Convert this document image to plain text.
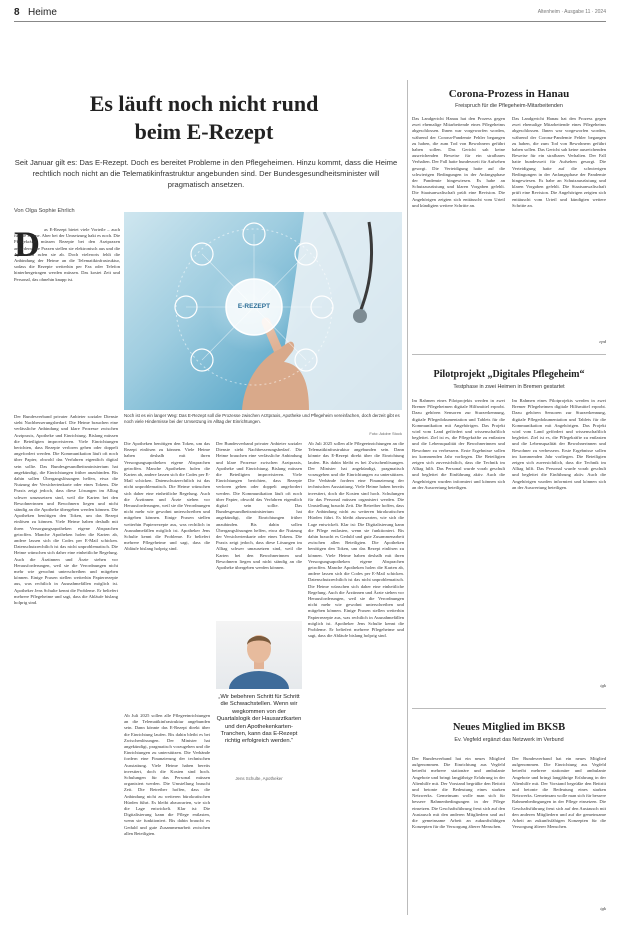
8 Heime	Altenheim · Ausgabe 11 · 2024
Es läuft noch nicht rund
beim E-Rezept
Seit Januar gilt es: Das E-Rezept. Doch es bereitet Probleme in den Pflegeheimen. Hinzu kommt, dass die Heime rechtlich noch nicht an die Telematikinfrastruktur angebunden sind. Der Bundesgesundheitsminister will pragmatisch ansetzen.
Von Olga Sophie Ehrlich
D as E-Rezept bietet viele Vorteile – auch für die Heime. Aber bei der Umsetzung hakt es noch. Die Pflegekräfte müssen Rezepte bei den Arztpraxen anfordern, die Praxen stellen sie elektronisch aus und die Apotheken rufen sie ab. Doch vielerorts fehlt die Anbindung der Heime an die Telematikinfrastruktur, sodass die Rezepte weiterhin per Fax oder Telefon hinterhergetragen werden müssen. Das kostet Zeit und Personal, das ohnehin knapp ist.
E-REZEPT
Noch ist es ein langer Weg: Das E-Rezept soll die Prozesse zwischen Arztpraxis, Apotheke und Pflegeheim vereinfachen, doch derzeit gibt es noch viele Hindernisse bei der Umsetzung im Alltag der Einrichtungen.
Foto: Adobe Stock
Der Bundesverband privater Anbieter sozialer Dienste sieht Nachbesserungsbedarf. Die Heime brauchen eine verlässliche Anbindung und klare Prozesse zwischen Arztpraxis, Apotheke und Einrichtung. Bislang müssen die Beteiligten improvisieren. Viele Einrichtungen berichten, dass Rezepte verloren gehen oder doppelt angefordert werden. Die Kommunikation läuft oft noch über Papier, obwohl das Verfahren eigentlich digital sein sollte. Das Bundesgesundheitsministerium hat angekündigt, die Einrichtungen früher anzubinden. Bis dahin sollen Übergangslösungen helfen, etwa die Nutzung der Versichertenkarte oder eines Tokens. Die Praxis zeigt jedoch, dass diese Lösungen im Alltag schwer umzusetzen sind, weil die Karten bei den Bewohnerinnen und Bewohnern liegen und nicht ständig an die Apotheke übergeben werden können. Die Apotheken benötigen den Token, um das Rezept einlösen zu können. Viele Heime haben deshalb mit ihren Versorgungsapotheken eigene Absprachen getroffen. Manche Apotheken holen die Karten ab, andere lassen sich die Codes per E-Mail schicken. Datenschutzrechtlich ist das nicht unproblematisch. Die Heime wünschen sich daher eine einheitliche Regelung. Auch die Ärztinnen und Ärzte stehen vor Herausforderungen, weil sie die Verordnungen nicht mehr wie gewohnt unterschreiben und mitgeben können. Einige Praxen stellen weiterhin Papierrezepte aus, was rechtlich in Ausnahmefällen möglich ist. Apotheker Jens Schulte kennt die Probleme. Er beliefert mehrere Pflegeheime und sagt, dass die Abläufe bislang holprig sind.
Die Apotheken benötigen den Token, um das Rezept einlösen zu können. Viele Heime haben deshalb mit ihren Versorgungsapotheken eigene Absprachen getroffen. Manche Apotheken holen die Karten ab, andere lassen sich die Codes per E-Mail schicken. Datenschutzrechtlich ist das nicht unproblematisch. Die Heime wünschen sich daher eine einheitliche Regelung. Auch die Ärztinnen und Ärzte stehen vor Herausforderungen, weil sie die Verordnungen nicht mehr wie gewohnt unterschreiben und mitgeben können. Einige Praxen stellen weiterhin Papierrezepte aus, was rechtlich in Ausnahmefällen möglich ist. Apotheker Jens Schulte kennt die Probleme. Er beliefert mehrere Pflegeheime und sagt, dass die Abläufe bislang holprig sind.
Ab Juli 2025 sollen alle Pflegeeinrichtungen an die Telematikinfrastruktur angebunden sein. Dann könnte das E-Rezept direkt über die Einrichtung laufen. Bis dahin bleibt es bei Zwischenlösungen. Der Minister hat angekündigt, pragmatisch vorzugehen und die Einrichtungen zu unterstützen. Die Verbände fordern eine Finanzierung der technischen Ausstattung. Viele Heime haben bereits investiert, doch die Kosten sind hoch. Schulungen für das Personal müssen organisiert werden. Die Umstellung braucht Zeit. Die Betreiber hoffen, dass die Anbindung nicht zu weiteren bürokratischen Hürden führt. Es bleibt abzuwarten, wie sich die Lage entwickelt. Klar ist: Die Digitalisierung kann die Pflege entlasten, wenn sie funktioniert. Bis dahin braucht es Geduld und gute Zusammenarbeit zwischen allen Beteiligten.
Der Bundesverband privater Anbieter sozialer Dienste sieht Nachbesserungsbedarf. Die Heime brauchen eine verlässliche Anbindung und klare Prozesse zwischen Arztpraxis, Apotheke und Einrichtung. Bislang müssen die Beteiligten improvisieren. Viele Einrichtungen berichten, dass Rezepte verloren gehen oder doppelt angefordert werden. Die Kommunikation läuft oft noch über Papier, obwohl das Verfahren eigentlich digital sein sollte. Das Bundesgesundheitsministerium hat angekündigt, die Einrichtungen früher anzubinden. Bis dahin sollen Übergangslösungen helfen, etwa die Nutzung der Versichertenkarte oder eines Tokens. Die Praxis zeigt jedoch, dass diese Lösungen im Alltag schwer umzusetzen sind, weil die Karten bei den Bewohnerinnen und Bewohnern liegen und nicht ständig an die Apotheke übergeben werden können.
„Wir bebehren Schritt für Schritt die Schwachstellen. Wenn wir wegkommen von der Quartalslogik der Hausarztkarten und den Apothekenkarten-Tranchen, kann das E-Rezept richtig erfolgreich werden.“
Jens Schulte, Apotheker
Ab Juli 2025 sollen alle Pflegeeinrichtungen an die Telematikinfrastruktur angebunden sein. Dann könnte das E-Rezept direkt über die Einrichtung laufen. Bis dahin bleibt es bei Zwischenlösungen. Der Minister hat angekündigt, pragmatisch vorzugehen und die Einrichtungen zu unterstützen. Die Verbände fordern eine Finanzierung der technischen Ausstattung. Viele Heime haben bereits investiert, doch die Kosten sind hoch. Schulungen für das Personal müssen organisiert werden. Die Umstellung braucht Zeit. Die Betreiber hoffen, dass die Anbindung nicht zu weiteren bürokratischen Hürden führt. Es bleibt abzuwarten, wie sich die Lage entwickelt. Klar ist: Die Digitalisierung kann die Pflege entlasten, wenn sie funktioniert. Bis dahin braucht es Geduld und gute Zusammenarbeit zwischen allen Beteiligten. Die Apotheken benötigen den Token, um das Rezept einlösen zu können. Viele Heime haben deshalb mit ihren Versorgungsapotheken eigene Absprachen getroffen. Manche Apotheken holen die Karten ab, andere lassen sich die Codes per E-Mail schicken. Datenschutzrechtlich ist das nicht unproblematisch. Die Heime wünschen sich daher eine einheitliche Regelung. Auch die Ärztinnen und Ärzte stehen vor Herausforderungen, weil sie die Verordnungen nicht mehr wie gewohnt unterschreiben und mitgeben können. Einige Praxen stellen weiterhin Papierrezepte aus, was rechtlich in Ausnahmefällen möglich ist. Apotheker Jens Schulte kennt die Probleme. Er beliefert mehrere Pflegeheime und sagt, dass die Abläufe bislang holprig sind.
Corona-Prozess in Hanau
Freispruch für die Pflegeheim-Mitarbeitenden
Das Landgericht Hanau hat den Prozess gegen zwei ehemalige Mitarbeitende eines Pflegeheims abgeschlossen. Ihnen war vorgeworfen worden, während der Corona-Pandemie Fehler begangen zu haben, die zum Tod von Bewohnern geführt haben sollen. Das Gericht sah keine ausreichenden Beweise für ein strafbares Verhalten. Der Fall hatte bundesweit für Aufsehen gesorgt. Die Verteidigung hatte auf die schwierigen Bedingungen in der Anfangsphase der Pandemie hingewiesen. Es habe an Schutzausrüstung und klaren Vorgaben gefehlt. Die Staatsanwaltschaft prüft eine Revision. Die Angehörigen zeigten sich enttäuscht vom Urteil und kündigten weitere Schritte an.
Das Landgericht Hanau hat den Prozess gegen zwei ehemalige Mitarbeitende eines Pflegeheims abgeschlossen. Ihnen war vorgeworfen worden, während der Corona-Pandemie Fehler begangen zu haben, die zum Tod von Bewohnern geführt haben sollen. Das Gericht sah keine ausreichenden Beweise für ein strafbares Verhalten. Der Fall hatte bundesweit für Aufsehen gesorgt. Die Verteidigung hatte auf die schwierigen Bedingungen in der Anfangsphase der Pandemie hingewiesen. Es habe an Schutzausrüstung und klaren Vorgaben gefehlt. Die Staatsanwaltschaft prüft eine Revision. Die Angehörigen zeigten sich enttäuscht vom Urteil und kündigten weitere Schritte an.
epd
Pilotprojekt „Digitales Pflegeheim“
Testphase in zwei Heimen in Bremen gestartet
Im Rahmen eines Pilotprojekts werden in zwei Bremer Pflegeheimen digitale Hilfsmittel erprobt. Dazu gehören Sensoren zur Sturzerkennung, digitale Pflegedokumentation und Tablets für die Kommunikation mit Angehörigen. Das Projekt wird vom Land gefördert und wissenschaftlich begleitet. Ziel ist es, die Pflegekräfte zu entlasten und die Lebensqualität der Bewohnerinnen und Bewohner zu verbessern. Erste Ergebnisse sollen im kommenden Jahr vorliegen. Die Beteiligten zeigen sich zuversichtlich, dass die Technik im Alltag hilft. Das Personal wurde vorab geschult und begleitet die Einführung aktiv. Auch die Angehörigen wurden informiert und können sich an der Auswertung beteiligen.
Im Rahmen eines Pilotprojekts werden in zwei Bremer Pflegeheimen digitale Hilfsmittel erprobt. Dazu gehören Sensoren zur Sturzerkennung, digitale Pflegedokumentation und Tablets für die Kommunikation mit Angehörigen. Das Projekt wird vom Land gefördert und wissenschaftlich begleitet. Ziel ist es, die Pflegekräfte zu entlasten und die Lebensqualität der Bewohnerinnen und Bewohner zu verbessern. Erste Ergebnisse sollen im kommenden Jahr vorliegen. Die Beteiligten zeigen sich zuversichtlich, dass die Technik im Alltag hilft. Das Personal wurde vorab geschult und begleitet die Einführung aktiv. Auch die Angehörigen wurden informiert und können sich an der Auswertung beteiligen.
tgk
Neues Mitglied im BKSB
Ev. Vegfeld ergänzt das Netzwerk im Verbund
Der Bundesverband hat ein neues Mitglied aufgenommen. Die Einrichtung aus Vegfeld betreibt mehrere stationäre und ambulante Angebote und bringt langjährige Erfahrung in der Altenhilfe mit. Der Vorstand begrüßte den Beitritt und betonte die Bedeutung eines starken Netzwerks. Gemeinsam wolle man sich für bessere Rahmenbedingungen in der Pflege einsetzen. Die Geschaftsführung freut sich auf den Austausch mit den anderen Mitgliedern und auf die gemeinsame Arbeit an zukunftsfähigen Konzepten für die Versorgung älterer Menschen.
Der Bundesverband hat ein neues Mitglied aufgenommen. Die Einrichtung aus Vegfeld betreibt mehrere stationäre und ambulante Angebote und bringt langjährige Erfahrung in der Altenhilfe mit. Der Vorstand begrüßte den Beitritt und betonte die Bedeutung eines starken Netzwerks. Gemeinsam wolle man sich für bessere Rahmenbedingungen in der Pflege einsetzen. Die Geschaftsführung freut sich auf den Austausch mit den anderen Mitgliedern und auf die gemeinsame Arbeit an zukunftsfähigen Konzepten für die Versorgung älterer Menschen.
tgk
